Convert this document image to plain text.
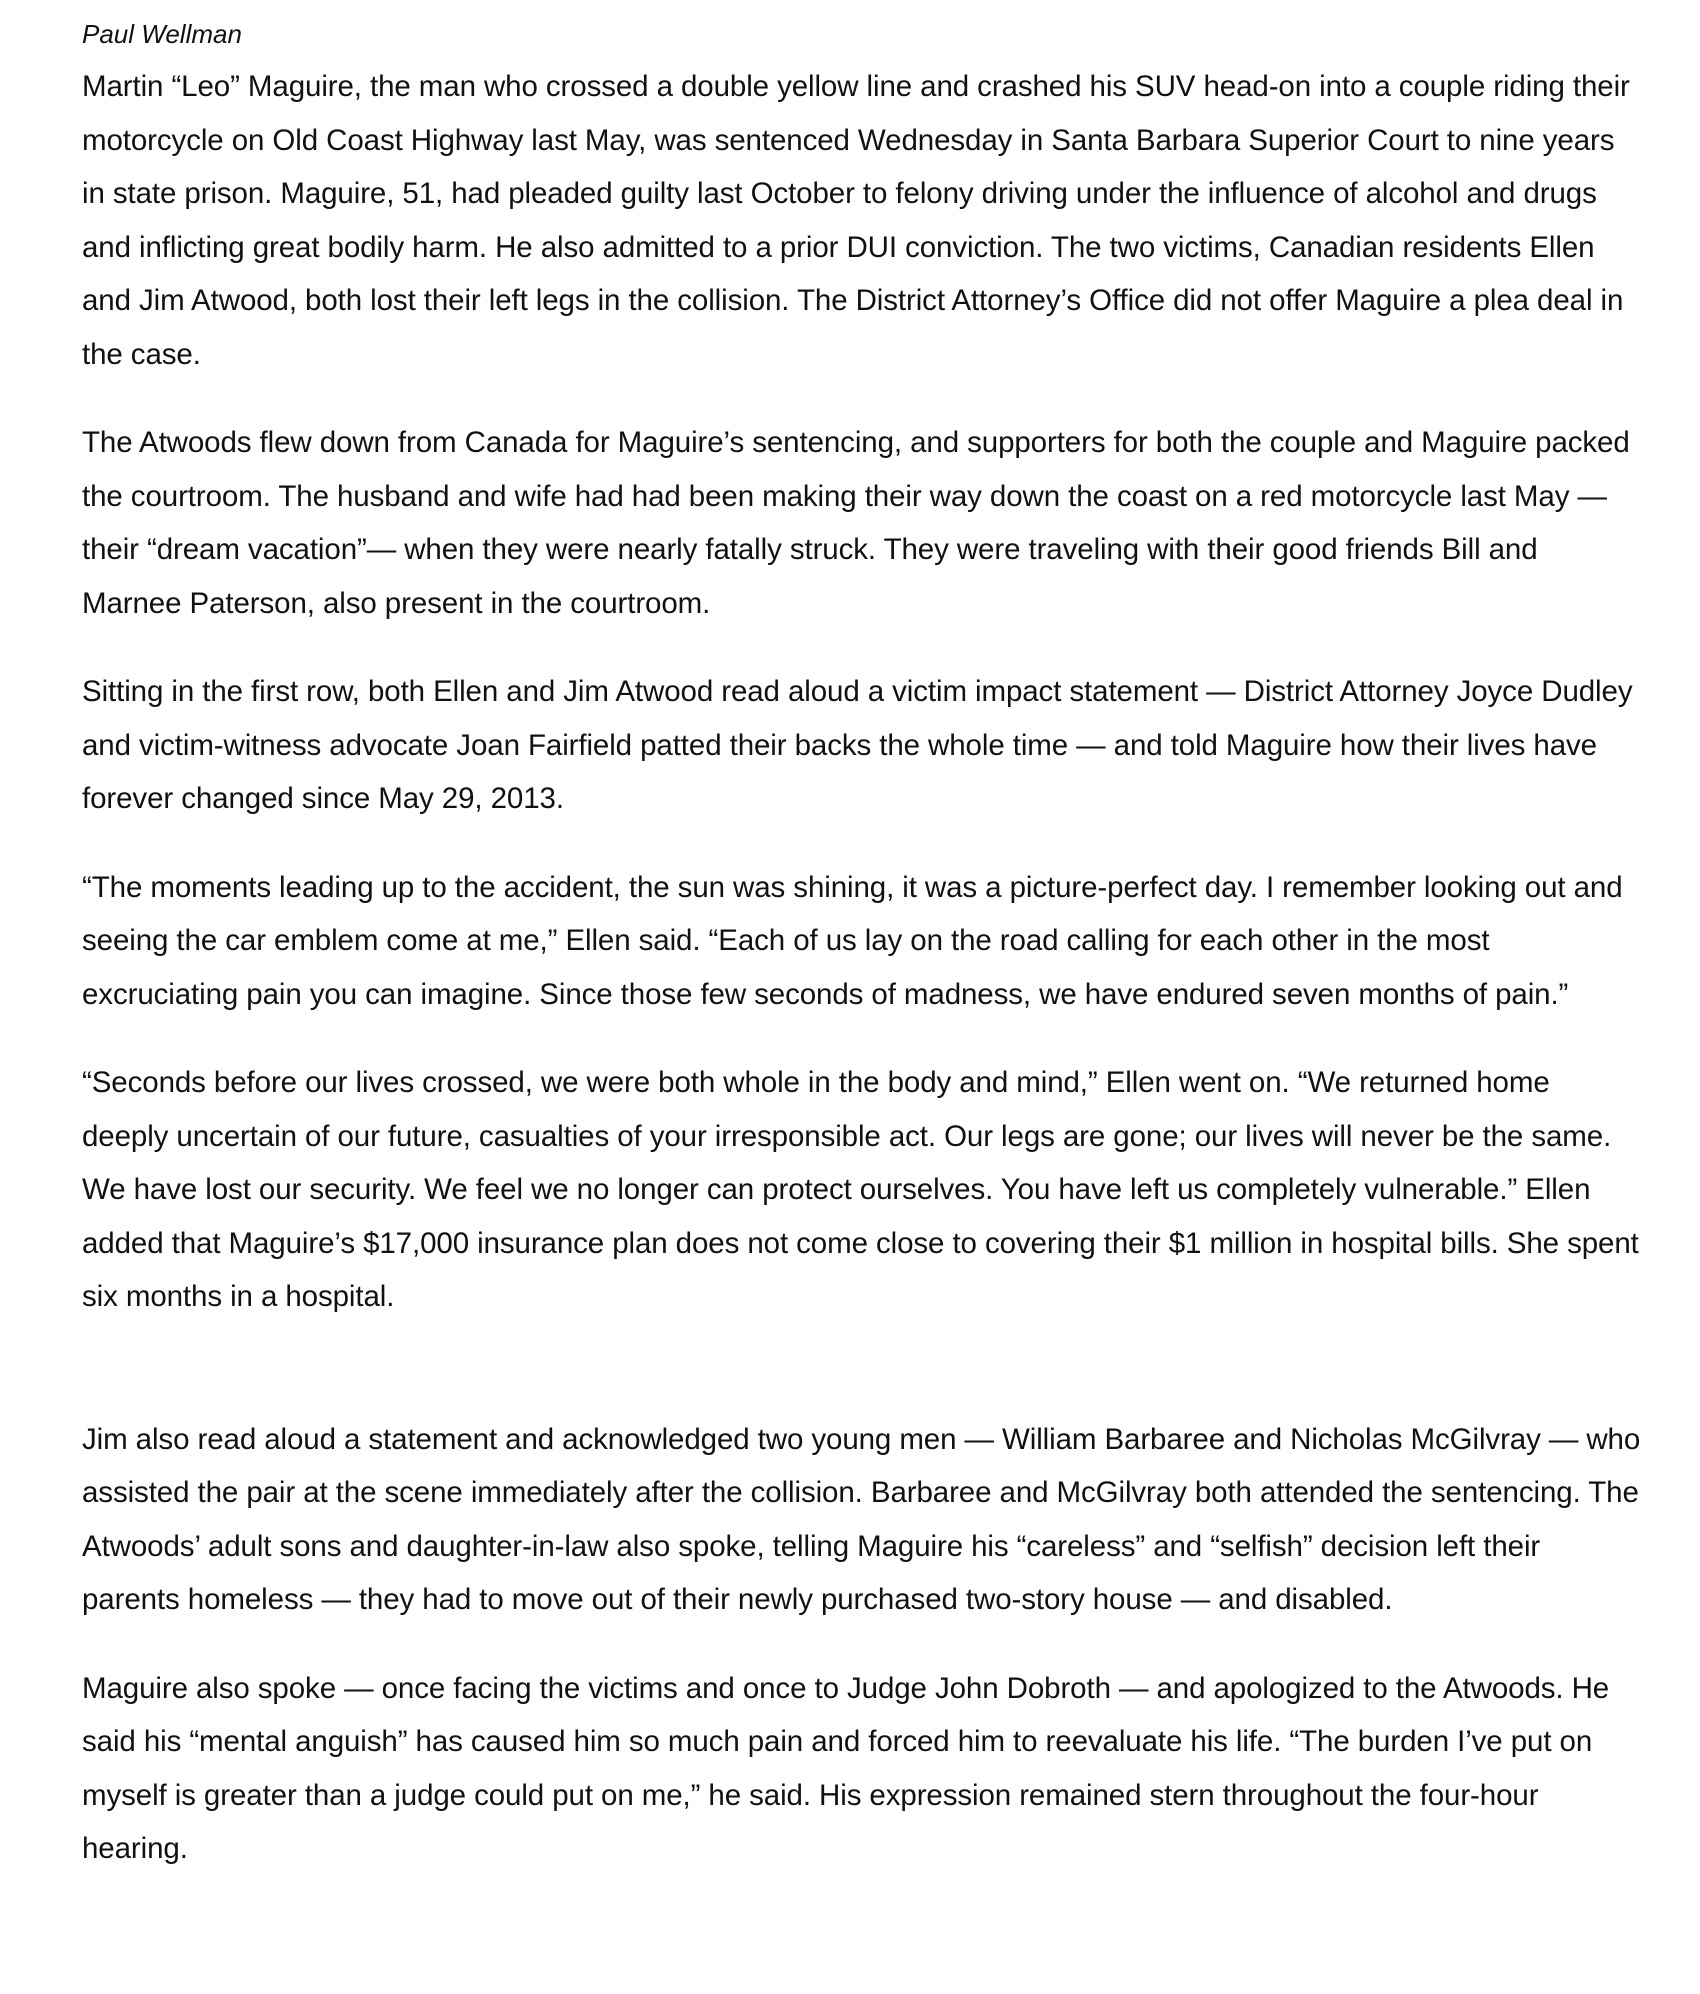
Paul Wellman

Martin “Leo” Maguire, the man who crossed a double yellow line and crashed his SUV head-on into a couple riding their motorcycle on Old Coast Highway last May, was sentenced Wednesday in Santa Barbara Superior Court to nine years in state prison. Maguire, 51, had pleaded guilty last October to felony driving under the influence of alcohol and drugs and inflicting great bodily harm. He also admitted to a prior DUI conviction. The two victims, Canadian residents Ellen and Jim Atwood, both lost their left legs in the collision. The District Attorney’s Office did not offer Maguire a plea deal in the case.

The Atwoods flew down from Canada for Maguire’s sentencing, and supporters for both the couple and Maguire packed the courtroom. The husband and wife had had been making their way down the coast on a red motorcycle last May — their “dream vacation”— when they were nearly fatally struck. They were traveling with their good friends Bill and Marnee Paterson, also present in the courtroom.

Sitting in the first row, both Ellen and Jim Atwood read aloud a victim impact statement — District Attorney Joyce Dudley and victim-witness advocate Joan Fairfield patted their backs the whole time — and told Maguire how their lives have forever changed since May 29, 2013.

“The moments leading up to the accident, the sun was shining, it was a picture-perfect day. I remember looking out and seeing the car emblem come at me,” Ellen said. “Each of us lay on the road calling for each other in the most excruciating pain you can imagine. Since those few seconds of madness, we have endured seven months of pain.”

“Seconds before our lives crossed, we were both whole in the body and mind,” Ellen went on. “We returned home deeply uncertain of our future, casualties of your irresponsible act. Our legs are gone; our lives will never be the same. We have lost our security. We feel we no longer can protect ourselves. You have left us completely vulnerable.” Ellen added that Maguire’s $17,000 insurance plan does not come close to covering their $1 million in hospital bills. She spent six months in a hospital.

Jim also read aloud a statement and acknowledged two young men — William Barbaree and Nicholas McGilvray — who assisted the pair at the scene immediately after the collision. Barbaree and McGilvray both attended the sentencing. The Atwoods’ adult sons and daughter-in-law also spoke, telling Maguire his “careless” and “selfish” decision left their parents homeless — they had to move out of their newly purchased two-story house — and disabled.

Maguire also spoke — once facing the victims and once to Judge John Dobroth — and apologized to the Atwoods. He said his “mental anguish” has caused him so much pain and forced him to reevaluate his life. “The burden I’ve put on myself is greater than a judge could put on me,” he said. His expression remained stern throughout the four-hour hearing.
